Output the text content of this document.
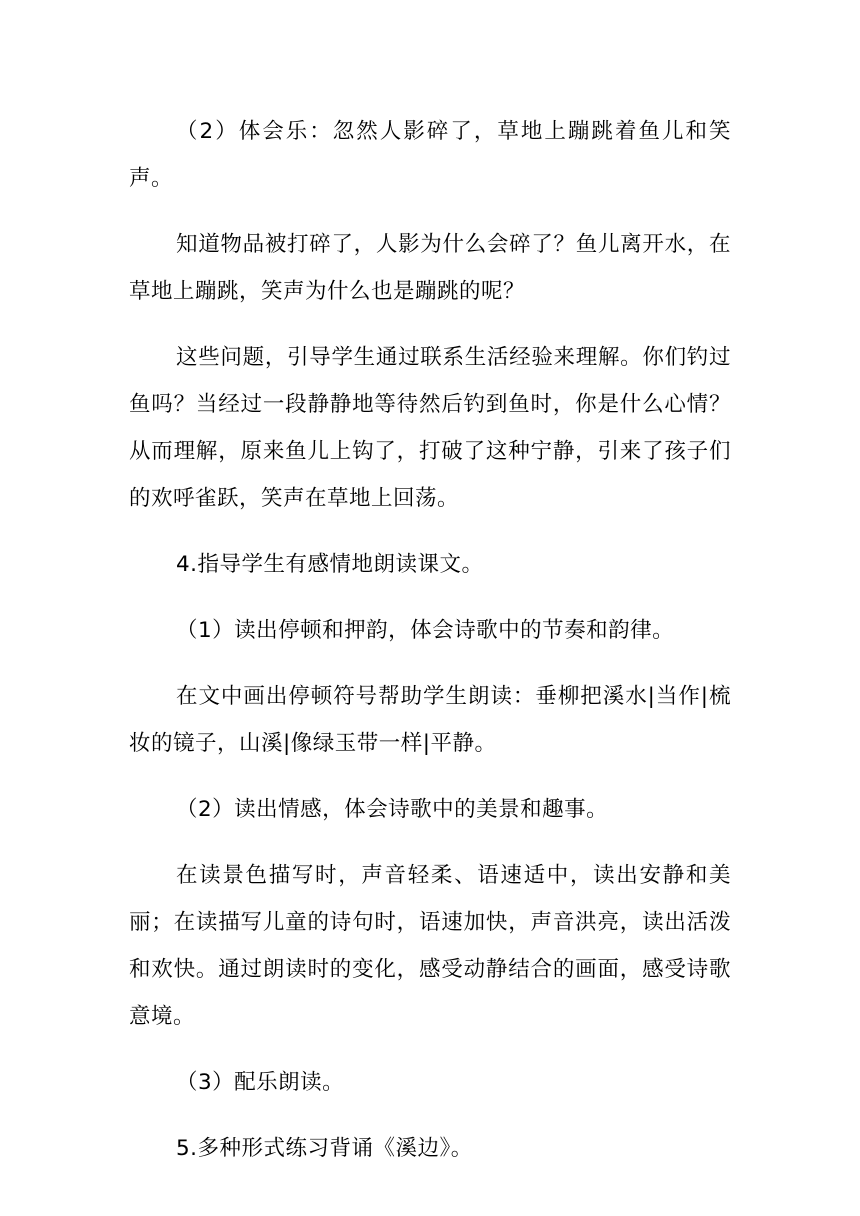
（2）体会乐：忽然人影碎了，草地上蹦跳着鱼儿和笑声。

知道物品被打碎了，人影为什么会碎了？鱼儿离开水，在草地上蹦跳，笑声为什么也是蹦跳的呢？

这些问题，引导学生通过联系生活经验来理解。你们钓过鱼吗？当经过一段静静地等待然后钓到鱼时，你是什么心情？从而理解，原来鱼儿上钩了，打破了这种宁静，引来了孩子们的欢呼雀跃，笑声在草地上回荡。

4.指导学生有感情地朗读课文。

（1）读出停顿和押韵，体会诗歌中的节奏和韵律。

在文中画出停顿符号帮助学生朗读：垂柳把溪水|当作|梳妆的镜子，山溪|像绿玉带一样|平静。

（2）读出情感，体会诗歌中的美景和趣事。

在读景色描写时，声音轻柔、语速适中，读出安静和美丽；在读描写儿童的诗句时，语速加快，声音洪亮，读出活泼和欢快。通过朗读时的变化，感受动静结合的画面，感受诗歌意境。

（3）配乐朗读。

5.多种形式练习背诵《溪边》。
